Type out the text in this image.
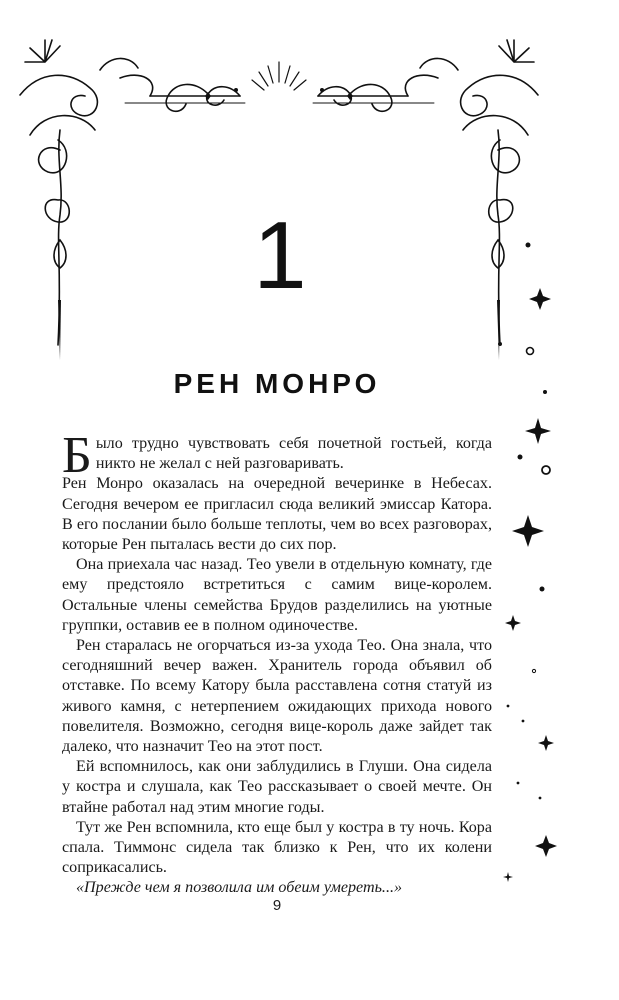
1
РЕН МОНРО

Было трудно чувствовать себя почетной гостьей, когда никто не желал с ней разговаривать.

Рен Монро оказалась на очередной вечеринке в Небесах. Сегодня вечером ее пригласил сюда великий эмиссар Катора. В его послании было больше теплоты, чем во всех разговорах, которые Рен пыталась вести до сих пор.

Она приехала час назад. Тео увели в отдельную комнату, где ему предстояло встретиться с самим вице-королем. Остальные члены семейства Брудов разделились на уютные группки, оставив ее в полном одиночестве.

Рен старалась не огорчаться из-за ухода Тео. Она знала, что сегодняшний вечер важен. Хранитель города объявил об отставке. По всему Катору была расставлена сотня статуй из живого камня, с нетерпением ожидающих прихода нового повелителя. Возможно, сегодня вице-король даже зайдет так далеко, что назначит Тео на этот пост.

Ей вспомнилось, как они заблудились в Глуши. Она сидела у костра и слушала, как Тео рассказывает о своей мечте. Он втайне работал над этим многие годы.

Тут же Рен вспомнила, кто еще был у костра в ту ночь. Кора спала. Тиммонс сидела так близко к Рен, что их колени соприкасались.

«Прежде чем я позволила им обеим умереть...»

9
